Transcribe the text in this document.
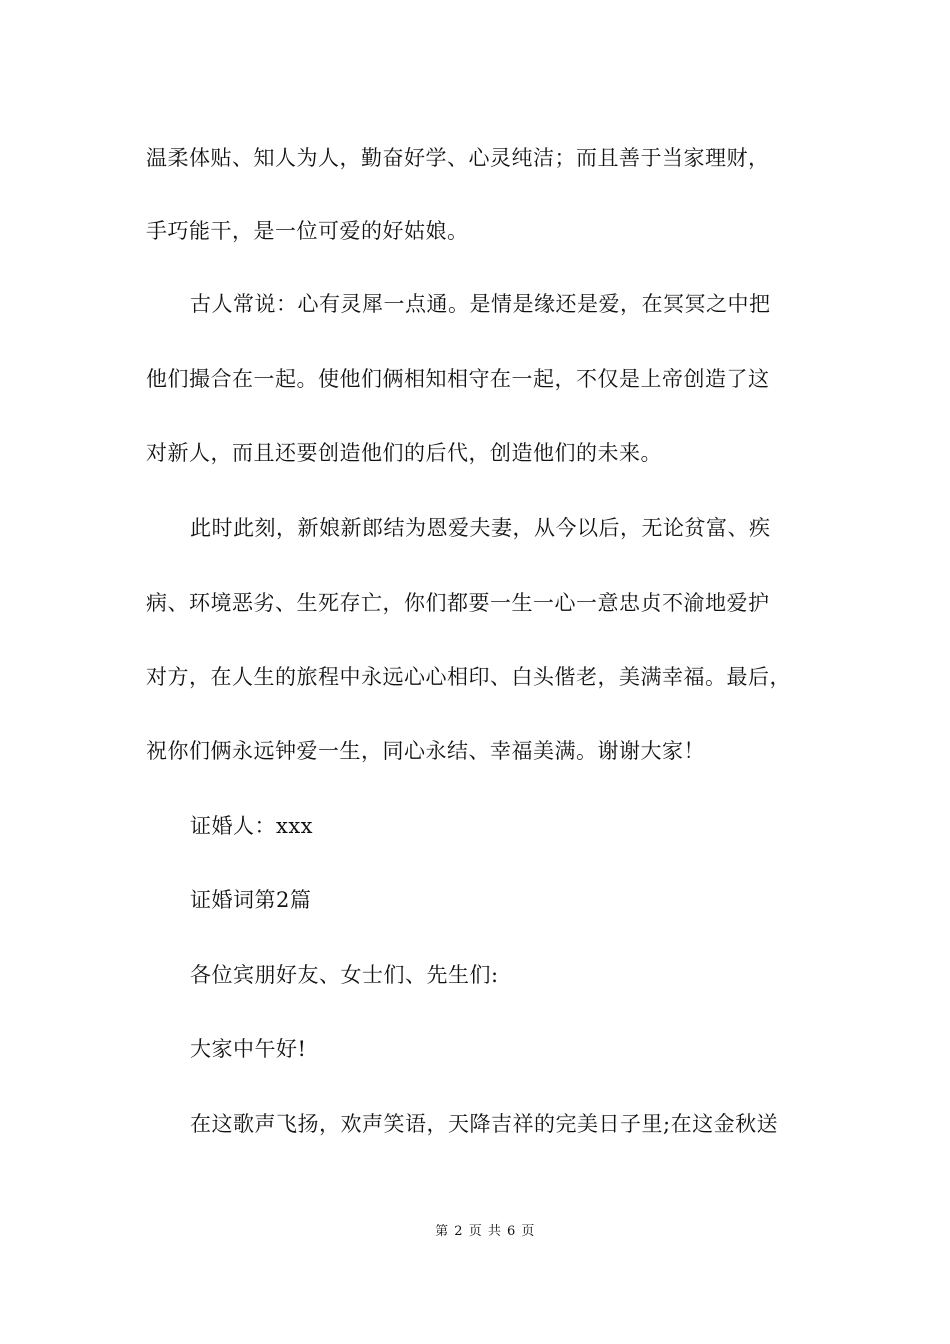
温柔体贴、知人为人，勤奋好学、心灵纯洁；而且善于当家理财，
手巧能干，是一位可爱的好姑娘。
古人常说：心有灵犀一点通。是情是缘还是爱，在冥冥之中把
他们撮合在一起。使他们俩相知相守在一起，不仅是上帝创造了这
对新人，而且还要创造他们的后代，创造他们的未来。
此时此刻，新娘新郎结为恩爱夫妻，从今以后，无论贫富、疾
病、环境恶劣、生死存亡，你们都要一生一心一意忠贞不渝地爱护
对方，在人生的旅程中永远心心相印、白头偕老，美满幸福。最后，
祝你们俩永远钟爱一生，同心永结、幸福美满。谢谢大家！
证婚人：xxx
证婚词第2篇
各位宾朋好友、女士们、先生们:
大家中午好!
在这歌声飞扬，欢声笑语，天降吉祥的完美日子里;在这金秋送

第 2 页 共 6 页
